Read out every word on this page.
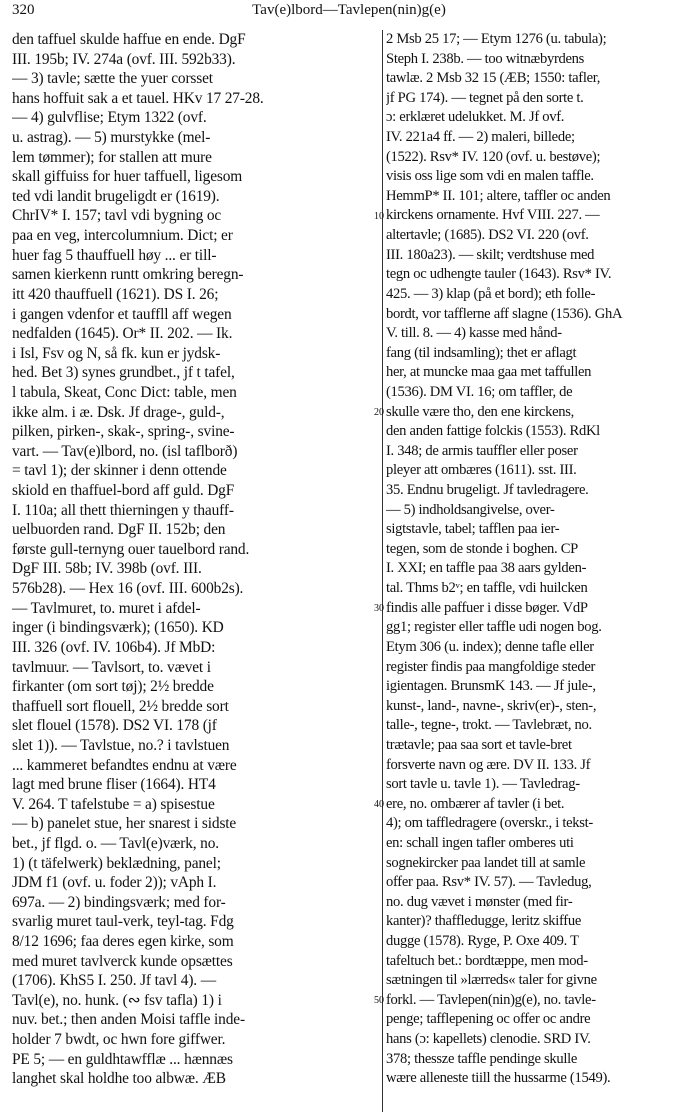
320	Tav(e)lbord—Tavlepen(nin)g(e)
den taffuel skulde haffue en ende. DgF
III. 195b; IV. 274a (ovf. III. 592b33).
— 3) tavle; sætte the yuer corsset
hans hoffuit sak a et tauel. HKv 17 27-28.
— 4) gulvflise; Etym 1322 (ovf.
u. astrag). — 5) murstykke (mel-
lem tømmer); for stallen att mure
skall giffuiss for huer taffuell, ligesom
ted vdi landit brugeligdt er (1619).
ChrIV* I. 157; tavl vdi bygning oc
paa en veg, intercolumnium. Dict; er
huer fag 5 thauffuell høy ... er till-
samen kierkenn runtt omkring beregn-
itt 420 thauffuell (1621). DS I. 26;
i gangen vdenfor et tauffll aff wegen
nedfalden (1645). Or* II. 202. — Ik.
i Isl, Fsv og N, så fk. kun er jydsk-
hed. Bet 3) synes grundbet., jf t tafel,
l tabula, Skeat, Conc Dict: table, men
ikke alm. i æ. Dsk. Jf drage-, guld-,
pilken, pirken-, skak-, spring-, svine-
vart. — Tav(e)lbord, no. (isl taflborð)
= tavl 1); der skinner i denn ottende
skiold en thaffuel-bord aff guld. DgF
I. 110a; all thett thierningen y thauff-
uelbuorden rand. DgF II. 152b; den
første gull-ternyng ouer tauelbord rand.
DgF III. 58b; IV. 398b (ovf. III.
576b28). — Hex 16 (ovf. III. 600b2s).
— Tavlmuret, to. muret i afdel-
inger (i bindingsværk); (1650). KD
III. 326 (ovf. IV. 106b4). Jf MbD:
tavlmuur. — Tavlsort, to. vævet i
firkanter (om sort tøj); 2½ bredde
thaffuell sort flouell, 2½ bredde sort
slet flouel (1578). DS2 VI. 178 (jf
slet 1)). — Tavlstue, no.? i tavlstuen
... kammeret befandtes endnu at være
lagt med brune fliser (1664). HT4
V. 264. T tafelstube = a) spisestue
— b) panelet stue, her snarest i sidste
bet., jf flgd. o. — Tavl(e)værk, no.
1) (t täfelwerk) beklædning, panel;
JDM f1 (ovf. u. foder 2)); vAph I.
697a. — 2) bindingsværk; med for-
svarlig muret taul-verk, teyl-tag. Fdg
8/12 1696; faa deres egen kirke, som
med muret tavlverck kunde opsættes
(1706). KhS5 I. 250. Jf tavl 4). —
Tavl(e), no. hunk. (∾ fsv tafla) 1) i
nuv. bet.; then anden Moisi taffle inde-
holder 7 bwdt, oc hwn fore giffwer.
PE 5; — en guldhtawfflæ ... hænnæs
langhet skal holdhe too albwæ. ÆB
2 Msb 25 17; — Etym 1276 (u. tabula);
Steph I. 238b. — too witnæbyrdens
tawlæ. 2 Msb 32 15 (ÆB; 1550: tafler,
jf PG 174). — tegnet på den sorte t.
ɔ: erklæret udelukket. M. Jf ovf.
IV. 221a4 ff. — 2) maleri, billede;
(1522). Rsv* IV. 120 (ovf. u. bestøve);
visis oss lige som vdi en malen taffle.
HemmP* II. 101; altere, taffler oc anden
kirckens ornamente. Hvf VIII. 227. —
altertavle; (1685). DS2 VI. 220 (ovf.
III. 180a23). — skilt; verdtshuse med
tegn oc udhengte tauler (1643). Rsv* IV.
425. — 3) klap (på et bord); eth folle-
bordt, vor tafflerne aff slagne (1536). GhA
V. till. 8. — 4) kasse med hånd-
fang (til indsamling); thet er aflagt
her, at muncke maa gaa met taffullen
(1536). DM VI. 16; om taffler, de
skulle være tho, den ene kirckens,
den anden fattige folckis (1553). RdKl
I. 348; de armis tauffler eller poser
pleyer att ombæres (1611). sst. III.
35. Endnu brugeligt. Jf tavledragere.
— 5) indholdsangivelse, over-
sigtstavle, tabel; tafflen paa ier-
tegen, som de stonde i boghen. CP
I. XXI; en taffle paa 38 aars gylden-
tal. Thms b2ᵛ; en taffle, vdi huilcken
findis alle paffuer i disse bøger. VdP
gg1; register eller taffle udi nogen bog.
Etym 306 (u. index); denne tafle eller
register findis paa mangfoldige steder
igientagen. BrunsmK 143. — Jf jule-,
kunst-, land-, navne-, skriv(er)-, sten-,
talle-, tegne-, trokt. — Tavlebræt, no.
trætavle; paa saa sort et tavle-bret
forsverte navn og ære. DV II. 133. Jf
sort tavle u. tavle 1). — Tavledrag-
ere, no. ombærer af tavler (i bet.
4); om taffledragere (overskr., i tekst-
en: schall ingen tafler omberes uti
sognekircker paa landet till at samle
offer paa. Rsv* IV. 57). — Tavledug,
no. dug vævet i mønster (med fir-
kanter)? thaffledugge, leritz skiffue
dugge (1578). Ryge, P. Oxe 409. T
tafeltuch bet.: bordtæppe, men mod-
sætningen til »lærreds« taler for givne
forkl. — Tavlepen(nin)g(e), no. tavle-
penge; tafflepening oc offer oc andre
hans (ɔ: kapellets) clenodie. SRD IV.
378; thessze taffle pendinge skulle
wære alleneste tiill the hussarme (1549).
10
20
30
40
50
